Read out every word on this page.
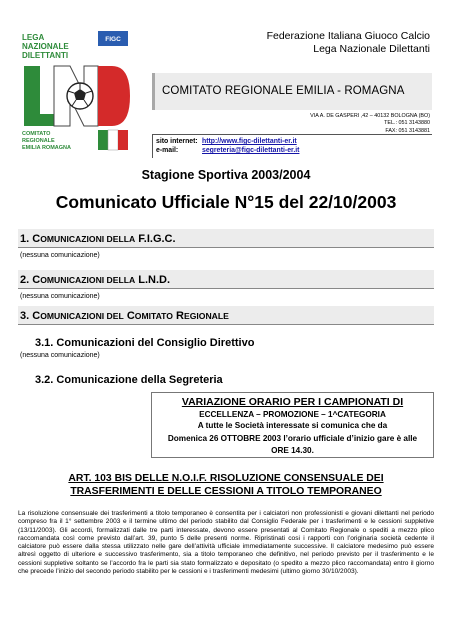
LEGA
NAZIONALE
DILETTANTI
FIGC
COMITATO
REGIONALE
EMILIA ROMAGNA
Federazione Italiana Giuoco Calcio
Lega Nazionale Dilettanti
COMITATO REGIONALE EMILIA - ROMAGNA
VIA A. DE GASPERI ,42 – 40132 BOLOGNA (BO)
TEL.: 051 3143880
FAX: 051 3143881
sito internet: http://www.figc-dilettanti-er.it
e-mail:	segreteria@figc-dilettanti-er.it
Stagione Sportiva 2003/2004
Comunicato Ufficiale N°15 del 22/10/2003
1. COMUNICAZIONI DELLA F.I.G.C.
(nessuna comunicazione)
2. COMUNICAZIONI DELLA L.N.D.
(nessuna comunicazione)
3. COMUNICAZIONI DEL COMITATO REGIONALE
3.1. Comunicazioni del Consiglio Direttivo
(nessuna comunicazione)
3.2. Comunicazione della Segreteria
VARIAZIONE ORARIO PER I CAMPIONATI DI
ECCELLENZA – PROMOZIONE – 1^CATEGORIA
A tutte le Società interessate si comunica che da
Domenica 26 OTTOBRE 2003 l’orario ufficiale d’inizio gare è alle
ORE 14.30.
ART. 103 BIS DELLE N.O.I.F. RISOLUZIONE CONSENSUALE DEI
TRASFERIMENTI E DELLE CESSIONI A TITOLO TEMPORANEO
La risoluzione consensuale dei trasferimenti a titolo temporaneo è consentita per i calciatori non professionisti e giovani dilettanti nel periodo compreso fra il 1° settembre 2003 e il termine ultimo del periodo stabilito dal Consiglio Federale per i trasferimenti e le cessioni suppletive (13/11/2003). Gli accordi, formalizzati dalle tre parti interessate, devono essere presentati al Comitato Regionale o spediti a mezzo plico raccomandata così come previsto dall’art. 39, punto 5 delle presenti norme. Ripristinati cosi i rapporti con l’originaria società cedente il calciatore può essere dalla stessa utilizzato nelle gare dell’attività ufficiale immediatamente successive. Il calciatore medesimo può essere altresì oggetto di ulteriore e successivo trasferimento, sia a titolo temporaneo che definitivo, nel periodo previsto per il trasferimento e le cessioni suppletive soltanto se l’accordo fra le parti sia stato formalizzato e depositato (o spedito a mezzo plico raccomandata) entro il giorno che precede l’inizio del secondo periodo stabilito per le cessioni e i trasferimenti medesimi (ultimo giorno 30/10/2003).
